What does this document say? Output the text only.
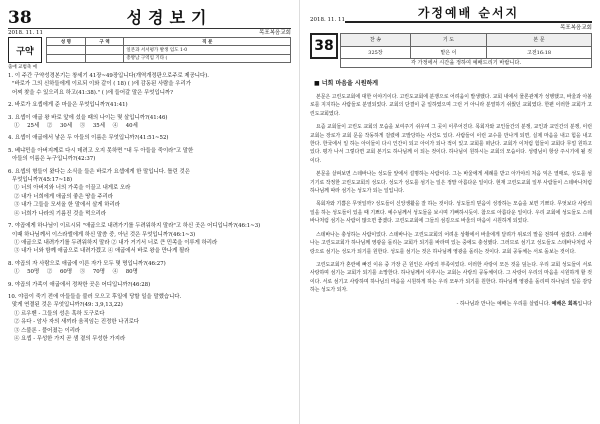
38	성경보기
2018. 11. 11	목포복음교회
구약
성 명	구 역	직 분
		일본과 서서평가 발생 임도 1·0
		총방남 구역임 기타 (
출애 교범축 예
1. 이 주간 구약성경본기는 창세기 41장~49장입니다(개역개정판으로주로 제공니다).
"바로가 그의 신하들에게 이르되 이와 같이 ( 18) ( )에 감동된 사람을 우리가
어찌 찾을 수 있으리요 하고(41:38)." ( )에 들어갈 말은 무엇입니까?
2. 바로가 요셉에게 준 마을은 무엇입니까?(41:41)
3. 요셉이 애굽 왕 바로 앞에 섰을 때의 나이는 몇 살입니까?(41:46)
① 25세 ② 30세 ③ 35세 ④ 40세
4. 요셉이 애굽에서 낳은 두 아들의 이름은 무엇입니까?(41:51~52)
5. 베냐민을 아버지께로 다시 데려고 오지 못하면 "내 두 아들을 죽이라"고 말한
아들의 이름은 누구입니까?(42:37)
6. 요셉의 형들이 왔다는 소식을 들은 바로가 요셉에게 한 말입니다. 틀린 것은
무엇입니까?(45:17~18)
① 너의 아버지와 너의 가족을 이끌고 내게로 오라
② 내가 너희에게 애굽의 좋은 땅을 주리라
③ 내가 그들을 모셔올 한 말에서 살게 하리라
④ 너희가 나라의 기름진 것을 먹으리라
7. 야곱에게 하나님이 이르시되 "애굽으로 내려가기를 두려워하지 말라"고 하신 곳은 어디입니까?(46:1~3)
이때 하나님께서 이스라엘에게 하신 말씀 중, 아닌 것은 무엇입니까?(46:1~3)
① 애굽으로 내려가기를 두려워하지 말라 ② 내가 거기서 너로 큰 민족을 이루게 하리라
③ 내가 너와 함께 애굽으로 내려가겠고 ④ 애굽에서 바로 왕을 만나게 될라
8. 야곱의 자 사람으로 애굽에 이른 자가 모두 몇 명입니까?(46:27)
① 50명 ② 60명 ③ 70명 ④ 80명
9. 야곱의 가족이 애굽에서 정착한 곳은 어디입니까?(46:28)
10. 야곱이 죽기 전에 아들들을 불러 모으고 후일에 당할 일을 말했습니다.
맞게 연결된 것은 무엇입니까?(49: 3,9,13,22)
① 르우벤 - 그들의 성은 혹하 도구로다
② 유다 - 암사 자의 새끼라 움직임는 진정한 나귀로다
③ 스불론 - 풀어졌는 이리라
④ 요셉 - 무성한 가지 곧 샘 곁의 무성한 가지라
2018. 11. 11	가정예배 순서지
목포복음교회
38	찬 송	기 도	본 문
325장	맡은 이	고전16:18
각 가정에서 시간을 정하여 예배드리기 바랍니다.
■ 너희 마음을 시원하게

본문은 고린도교회에 대한 이야기이다. 고린도교회에 분쟁으로 어려움이 발생했다. 교회 내에서 물론관계가 성행했고, 바울과 아볼로를 지지하는 사람들로 분열되었다. 교회의 단결이 곧 일하였으며 그런 거 아니라 분열하기 쉬웠던 교회였다. 한편 이러한 교회가 고린도교회였다.

요즘 교회들이 고린도 교회의 모습을 보여주기 쉬우며 그 곳이 이루어진다. 목회자와 교인들간의 분쟁, 교인과 교인간의 분쟁, 이런 교회는 장로가 교회 문을 작동하게 걸렸에 고발당하는 사건도 있다. 사람들이 이런 교수를 만나게 되면, 실제 마음을 내고 힘을 내고 한다. 한국에서 일 하는 아이들이 다시 인간이 되고 아이가 되나 적이 있고 교회를 떠난다. 교회가 이처럼 힘들이 교회다 무얼 원하고 있다. 평가 나서 그렇다면 교회 본기도 하나님께 이 되는 것이다. 하나님이 원하시는 교회의 모습이다. 성령님이 항상 주시기에 될 것이다.

본문을 살펴보면 스데바나는 성도들 앞에서 설명하는 사람이다. 그는 바울에게 세례를 받고 아가야의 처음 익은 열매로, 성도를 섬기기로 작정한 고린도교회의 성도다. 성도가 성도를 섬기는 일은 정말 아름다운 일이다. 현재 고린도교회 일부 사람들이 스데바나처럼 하나님께 따라 섬기는 성도가 되는 일입니다.

목회자와 기쁨은 무엇일까? 성도들이 신앙생활을 잘 하는 것이다. 성도들의 믿음이 성장하는 모습을 보면 기쁘다. 무엇보다 사랑의 일을 하는 성도들이 있을 때 기쁘다. 예수님께서 성도들을 보시며 기뻐하시듯이. 참으로 아름다운 일이다. 우리 교회에 성도들도 스데바나처럼 섬기는 사람이 많으면 좋겠다. 고린도교회에 그들의 섬김으로 바울의 마음이 시원하게 되었다.

스데바나는 충성하는 사람이었다. 스데바나는 고린도교회의 어려운 상황에서 바울에게 달려가 위로의 말을 전하며 섬겼다. 스데바나는 고린도교회가 하나님께 영광을 돌리는 교회가 되기를 바라며 있는 중에도 충성했다. 그러므로 섬기고 성도들도 스데바나처럼 사랑으로 섬기는 성도가 되기를 원한다. 성도를 섬기는 것은 하나님께 영광을 돌리는 것이다. 교회 공동체는 서로 돌보는 것이다.

고린도교회가 혼란에 빠진 이유 중 가장 큰 원인은 사랑의 부족이었다. 이러한 사랑이 모든 것을 덮는다. 우리 교회 성도들이 서로 사랑하며 섬기는 교회가 되기를 소망한다. 하나님께서 이루시는 교회는 사랑의 공동체이다. 그 사랑이 우리의 마음을 시원하게 할 것이다. 서로 섬기고 사랑하며 하나님의 마음을 시원하게 하는 우리 모두가 되기를 원한다. 하나님께 영광을 돌리며 하나님의 일을 감당하는 성도가 되자.

- 하나님과 만나는 예배는 우리를 살립니다. 예배은 회복입니다
